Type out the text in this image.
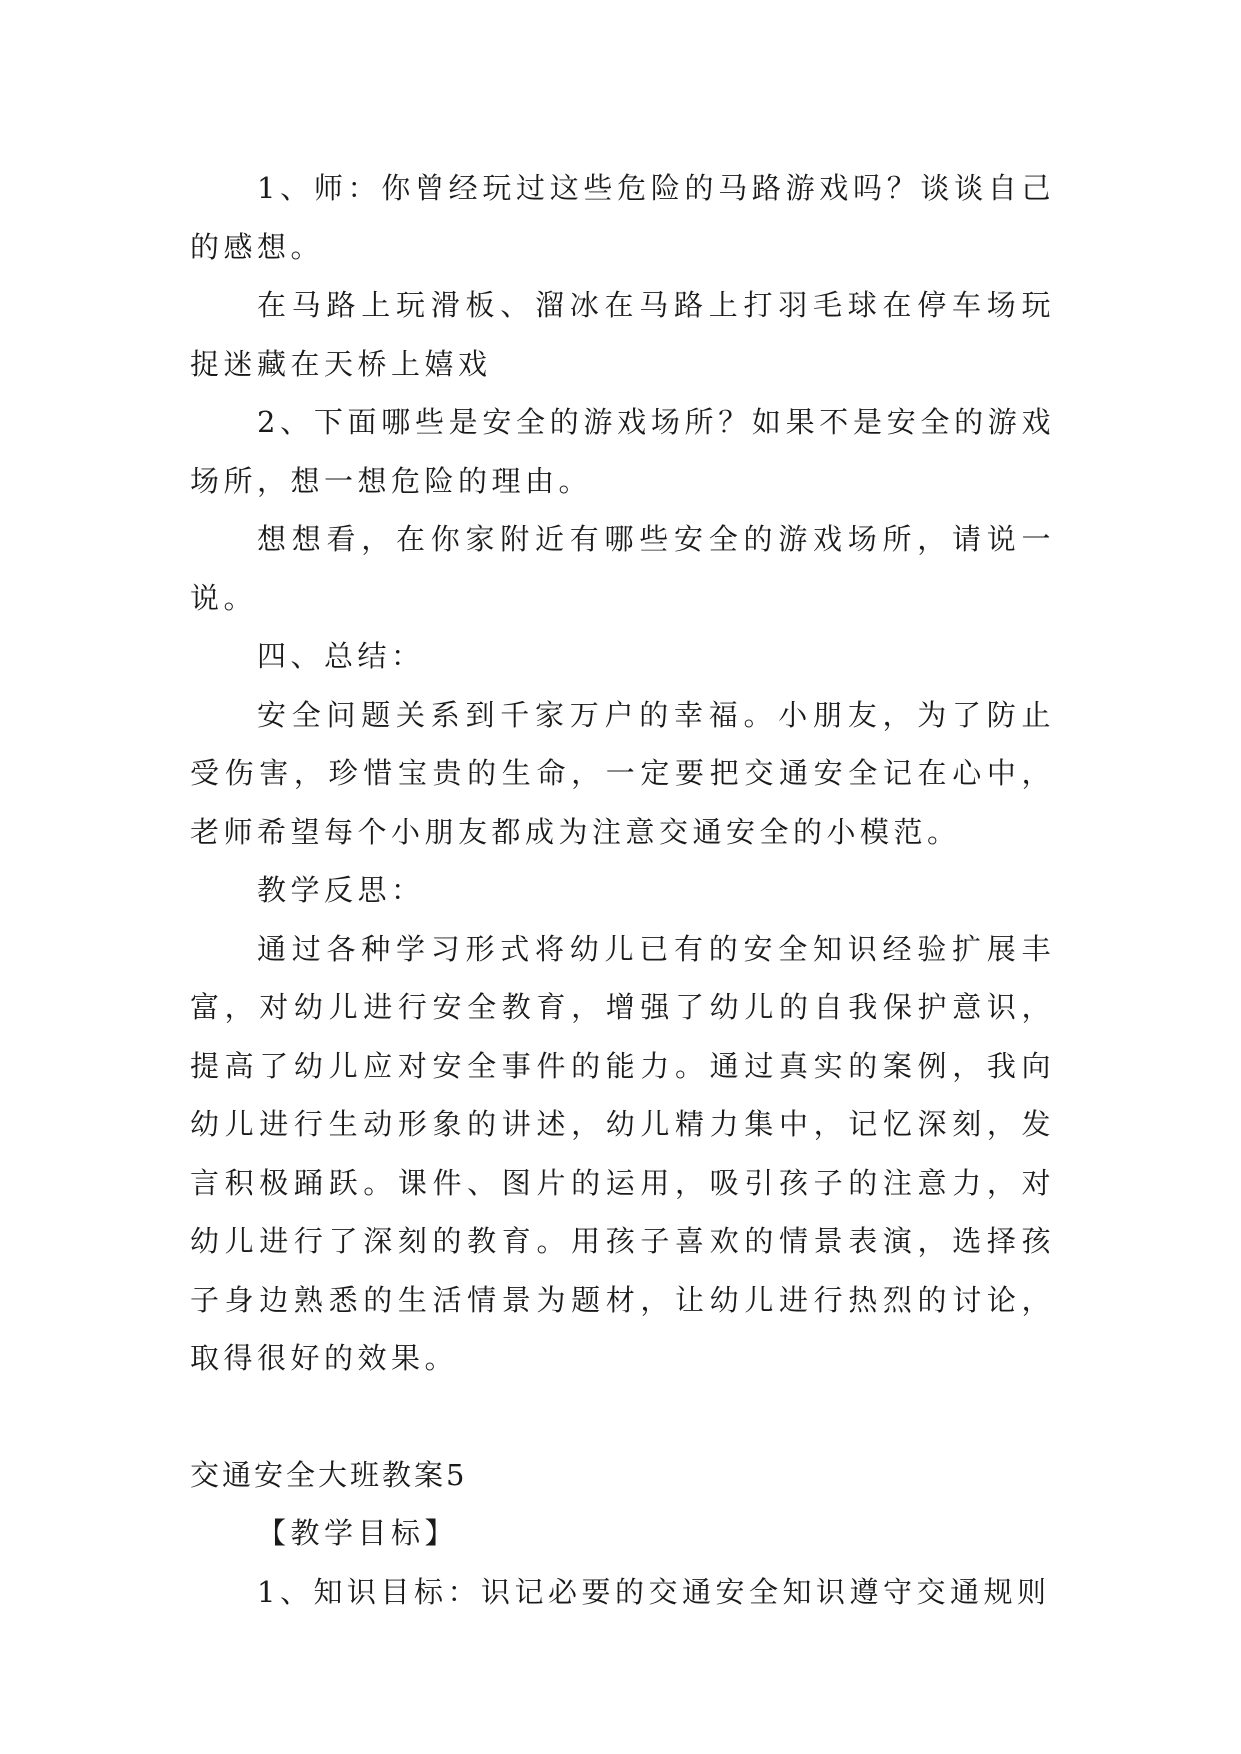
1、师：你曾经玩过这些危险的马路游戏吗？谈谈自己的感想。

在马路上玩滑板、溜冰在马路上打羽毛球在停车场玩捉迷藏在天桥上嬉戏

2、下面哪些是安全的游戏场所？如果不是安全的游戏场所，想一想危险的理由。

想想看，在你家附近有哪些安全的游戏场所，请说一说。

四、总结：

安全问题关系到千家万户的幸福。小朋友，为了防止受伤害，珍惜宝贵的生命，一定要把交通安全记在心中，老师希望每个小朋友都成为注意交通安全的小模范。

教学反思：

通过各种学习形式将幼儿已有的安全知识经验扩展丰富，对幼儿进行安全教育，增强了幼儿的自我保护意识，提高了幼儿应对安全事件的能力。通过真实的案例，我向幼儿进行生动形象的讲述，幼儿精力集中，记忆深刻，发言积极踊跃。课件、图片的运用，吸引孩子的注意力，对幼儿进行了深刻的教育。用孩子喜欢的情景表演，选择孩子身边熟悉的生活情景为题材，让幼儿进行热烈的讨论，取得很好的效果。

交通安全大班教案5

【教学目标】

1、知识目标：识记必要的交通安全知识遵守交通规则
